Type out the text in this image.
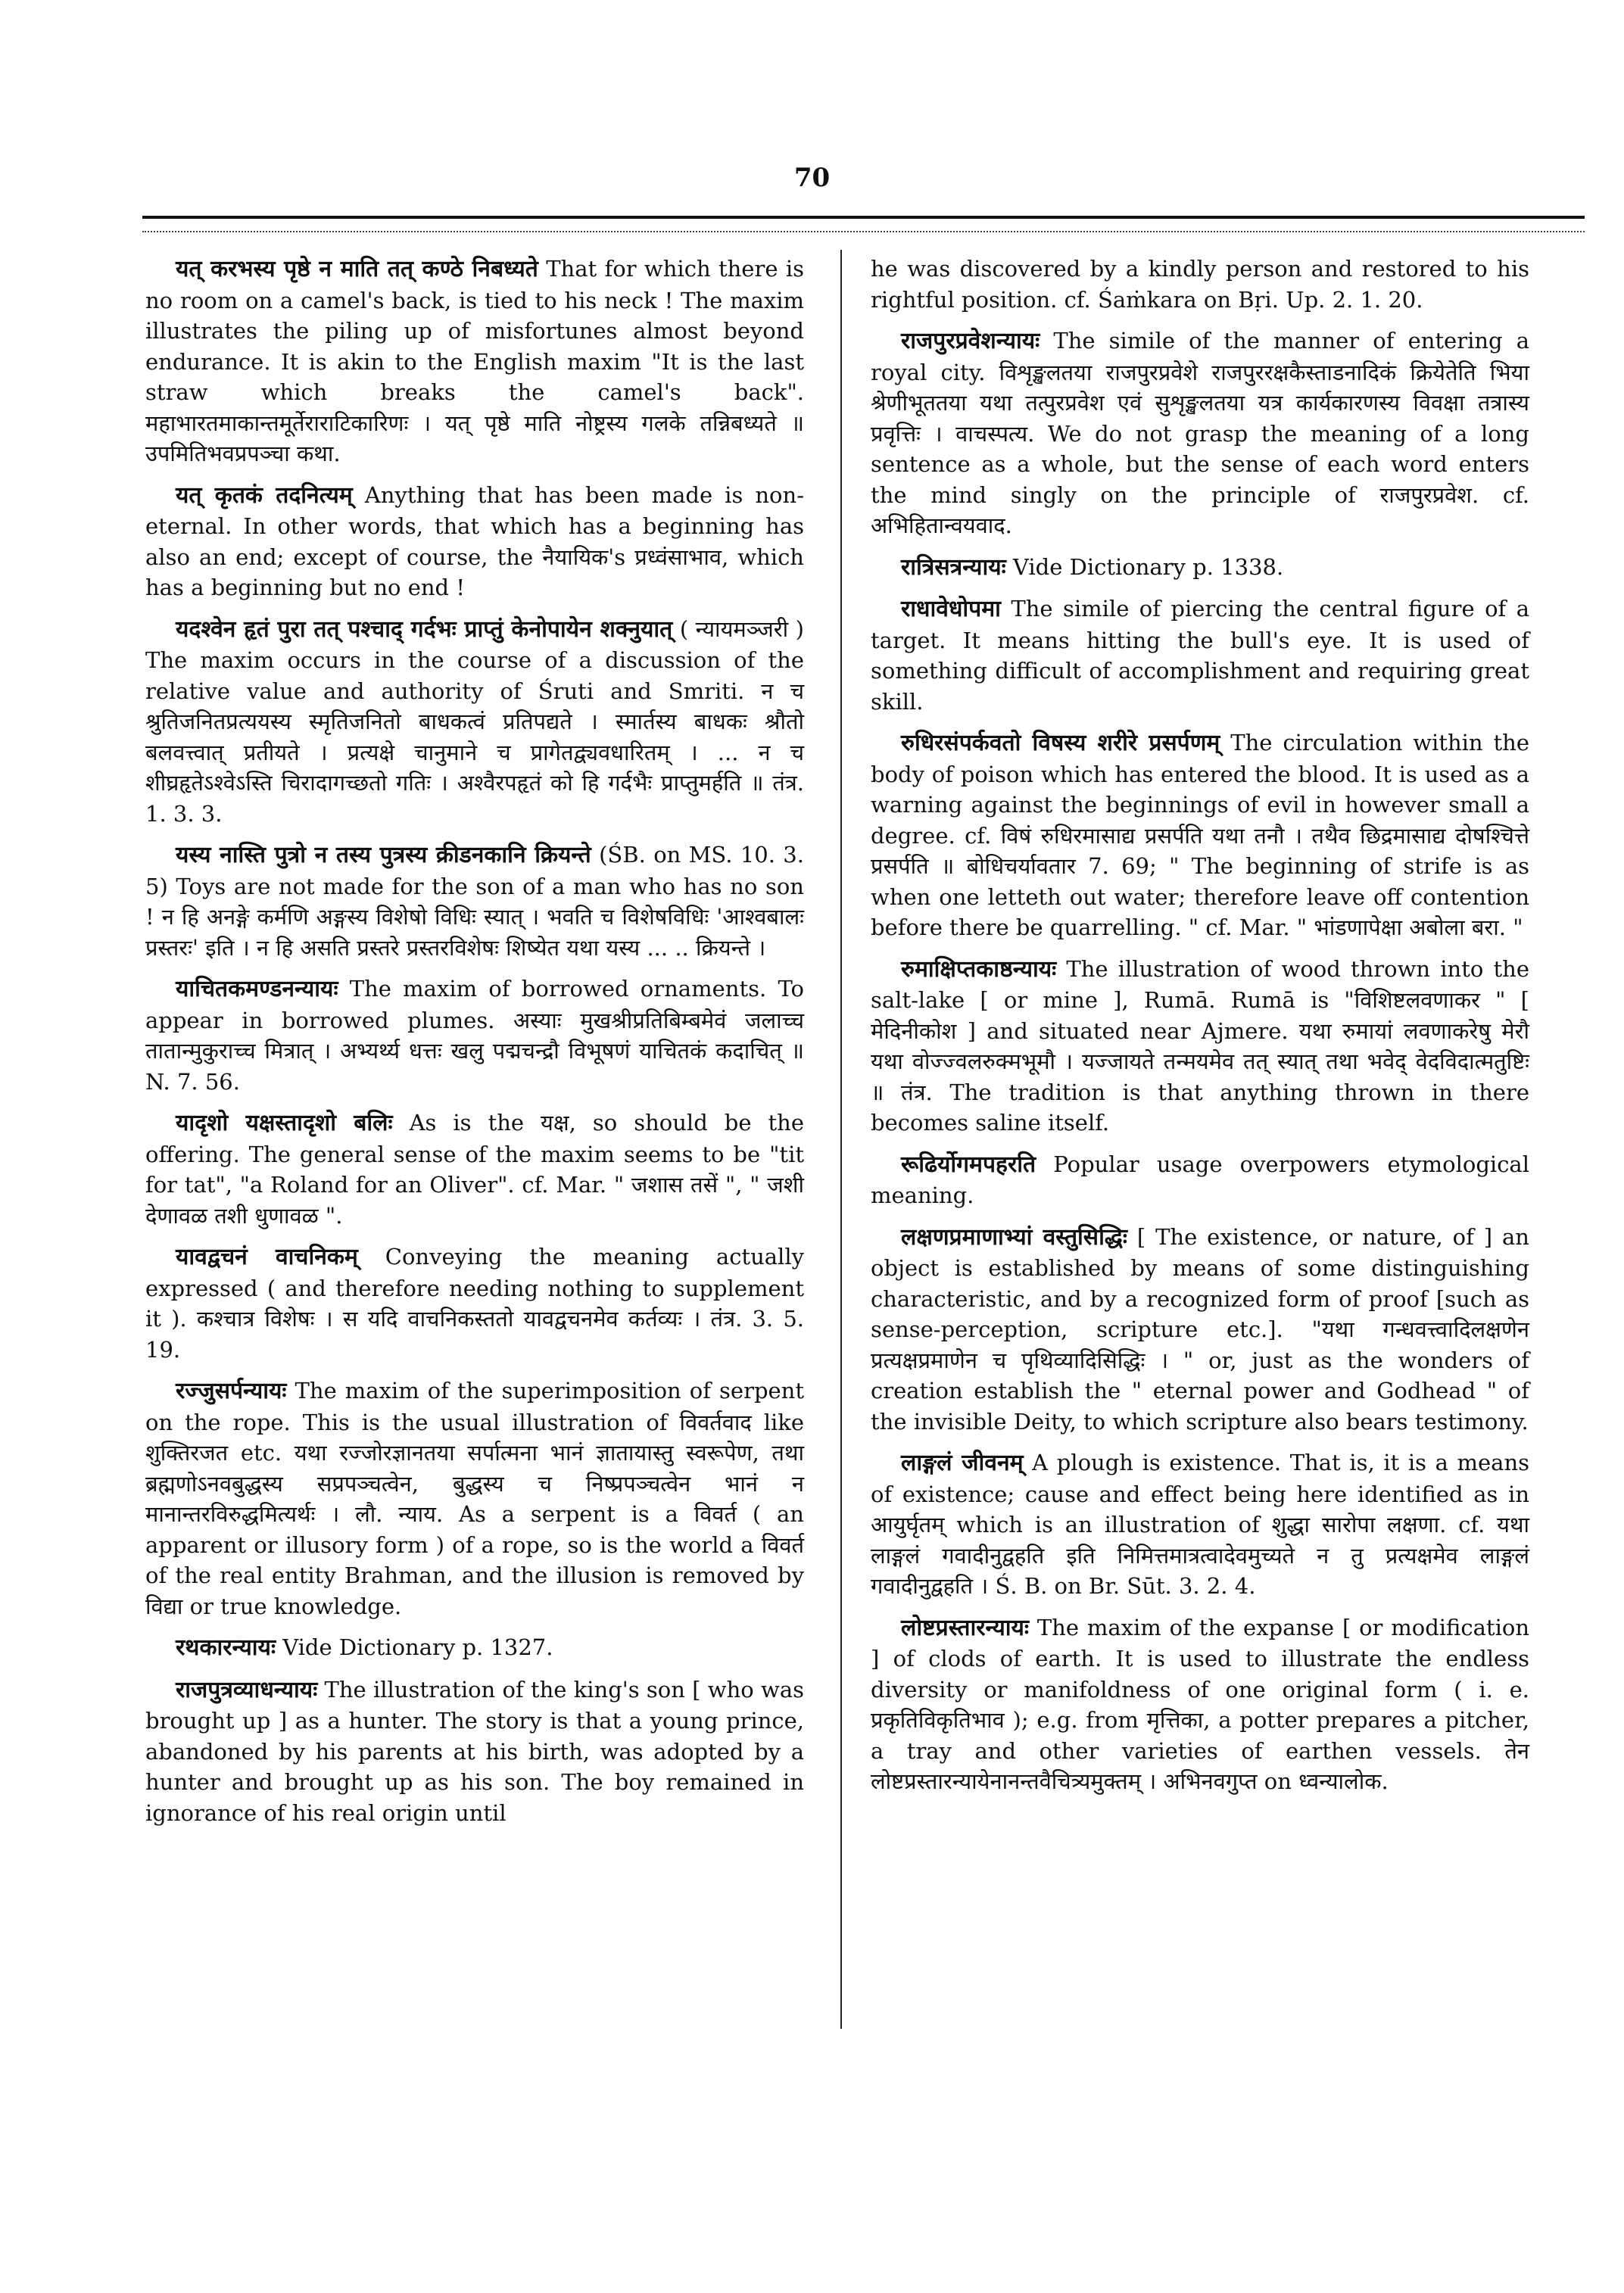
70

यत् करभस्य पृष्ठे न माति तत् कण्ठे निबध्यते That for which there is no room on a camel's back, is tied to his neck ! The maxim illustrates the piling up of misfortunes almost beyond endurance. It is akin to the English maxim "It is the last straw which breaks the camel's back". महाभारतमाकान्तमूर्तेराराटिकारिणः । यत् पृष्ठे माति नोष्ट्रस्य गलके तन्निबध्यते ॥ उपमितिभवप्रपञ्चा कथा.

यत् कृतकं तदनित्यम् Anything that has been made is non-eternal. In other words, that which has a beginning has also an end; except of course, the नैयायिक's प्रध्वंसाभाव, which has a beginning but no end !

यदश्वेन हृतं पुरा तत् पश्चाद् गर्दभः प्राप्तुं केनोपायेन शक्नुयात् ( न्यायमञ्जरी ) The maxim occurs in the course of a discussion of the relative value and authority of Śruti and Smriti. न च श्रुतिजनितप्रत्ययस्य स्मृतिजनितो बाधकत्वं प्रतिपद्यते । स्मार्तस्य बाधकः श्रौतो बलवत्त्वात् प्रतीयते । प्रत्यक्षे चानुमाने च प्रागेतद्व्यवधारितम् । ... न च शीघ्रहृतेऽश्वेऽस्ति चिरादागच्छतो गतिः । अश्वैरपहृतं को हि गर्दभैः प्राप्तुमर्हति ॥ तंत्र. 1. 3. 3.

यस्य नास्ति पुत्रो न तस्य पुत्रस्य क्रीडनकानि क्रियन्ते (ŚB. on MS. 10. 3. 5) Toys are not made for the son of a man who has no son ! न हि अनङ्गे कर्मणि अङ्गस्य विशेषो विधिः स्यात् । भवति च विशेषविधिः 'आश्वबालः प्रस्तरः' इति । न हि असति प्रस्तरे प्रस्तरविशेषः शिष्येत यथा यस्य ... .. क्रियन्ते ।

याचितकमण्डनन्यायः The maxim of borrowed ornaments. To appear in borrowed plumes. अस्याः मुखश्रीप्रतिबिम्बमेवं जलाच्च तातान्मुकुराच्च मित्रात् । अभ्यर्थ्य धत्तः खलु पद्मचन्द्रौ विभूषणं याचितकं कदाचित् ॥ N. 7. 56.

यादृशो यक्षस्तादृशो बलिः As is the यक्ष, so should be the offering. The general sense of the maxim seems to be "tit for tat", "a Roland for an Oliver". cf. Mar. " जशास तसें ", " जशी देणावळ तशी धुणावळ ".

यावद्वचनं वाचनिकम् Conveying the meaning actually expressed ( and therefore needing nothing to supplement it ). कश्चात्र विशेषः । स यदि वाचनिकस्ततो यावद्वचनमेव कर्तव्यः । तंत्र. 3. 5. 19.

रज्जुसर्पन्यायः The maxim of the superimposition of serpent on the rope. This is the usual illustration of विवर्तवाद like शुक्तिरजत etc. यथा रज्जोरज्ञानतया सर्पात्मना भानं ज्ञातायास्तु स्वरूपेण, तथा ब्रह्मणोऽनवबुद्धस्य सप्रपञ्चत्वेन, बुद्धस्य च निष्प्रपञ्चत्वेन भानं न मानान्तरविरुद्धमित्यर्थः । लौ. न्याय. As a serpent is a विवर्त ( an apparent or illusory form ) of a rope, so is the world a विवर्त of the real entity Brahman, and the illusion is removed by विद्या or true knowledge.

रथकारन्यायः Vide Dictionary p. 1327.

राजपुत्रव्याधन्यायः The illustration of the king's son [ who was brought up ] as a hunter. The story is that a young prince, abandoned by his parents at his birth, was adopted by a hunter and brought up as his son. The boy remained in ignorance of his real origin until

he was discovered by a kindly person and restored to his rightful position. cf. Śaṁkara on Bṛi. Up. 2. 1. 20.

राजपुरप्रवेशन्यायः The simile of the manner of entering a royal city. विशृङ्खलतया राजपुरप्रवेशे राजपुररक्षकैस्ताडनादिकं क्रियेतेति भिया श्रेणीभूततया यथा तत्पुरप्रवेश एवं सुशृङ्खलतया यत्र कार्यकारणस्य विवक्षा तत्रास्य प्रवृत्तिः । वाचस्पत्य. We do not grasp the meaning of a long sentence as a whole, but the sense of each word enters the mind singly on the principle of राजपुरप्रवेश. cf. अभिहितान्वयवाद.

रात्रिसत्रन्यायः Vide Dictionary p. 1338.

राधावेधोपमा The simile of piercing the central figure of a target. It means hitting the bull's eye. It is used of something difficult of accomplishment and requiring great skill.

रुधिरसंपर्कवतो विषस्य शरीरे प्रसर्पणम् The circulation within the body of poison which has entered the blood. It is used as a warning against the beginnings of evil in however small a degree. cf. विषं रुधिरमासाद्य प्रसर्पति यथा तनौ । तथैव छिद्रमासाद्य दोषश्चित्ते प्रसर्पति ॥ बोधिचर्यावतार 7. 69; " The beginning of strife is as when one letteth out water; therefore leave off contention before there be quarrelling. " cf. Mar. " भांडणापेक्षा अबोला बरा. "

रुमाक्षिप्तकाष्ठन्यायः The illustration of wood thrown into the salt-lake [ or mine ], Rumā. Rumā is "विशिष्टलवणाकर " [ मेदिनीकोश ] and situated near Ajmere. यथा रुमायां लवणाकरेषु मेरौ यथा वोज्ज्वलरुक्मभूमौ । यज्जायते तन्मयमेव तत् स्यात् तथा भवेद् वेदविदात्मतुष्टिः ॥ तंत्र. The tradition is that anything thrown in there becomes saline itself.

रूढिर्योगमपहरति Popular usage overpowers etymological meaning.

लक्षणप्रमाणाभ्यां वस्तुसिद्धिः [ The existence, or nature, of ] an object is established by means of some distinguishing characteristic, and by a recognized form of proof [such as sense-perception, scripture etc.]. "यथा गन्धवत्त्वादिलक्षणेन प्रत्यक्षप्रमाणेन च पृथिव्यादिसिद्धिः । " or, just as the wonders of creation establish the " eternal power and Godhead " of the invisible Deity, to which scripture also bears testimony.

लाङ्गलं जीवनम् A plough is existence. That is, it is a means of existence; cause and effect being here identified as in आयुर्घृतम् which is an illustration of शुद्धा सारोपा लक्षणा. cf. यथा लाङ्गलं गवादीनुद्वहति इति निमित्तमात्रत्वादेवमुच्यते न तु प्रत्यक्षमेव लाङ्गलं गवादीनुद्वहति । Ś. B. on Br. Sūt. 3. 2. 4.

लोष्टप्रस्तारन्यायः The maxim of the expanse [ or modification ] of clods of earth. It is used to illustrate the endless diversity or manifoldness of one original form ( i. e. प्रकृतिविकृतिभाव ); e.g. from मृत्तिका, a potter prepares a pitcher, a tray and other varieties of earthen vessels. तेन लोष्टप्रस्तारन्यायेनानन्तवैचित्र्यमुक्तम् । अभिनवगुप्त on ध्वन्यालोक.
